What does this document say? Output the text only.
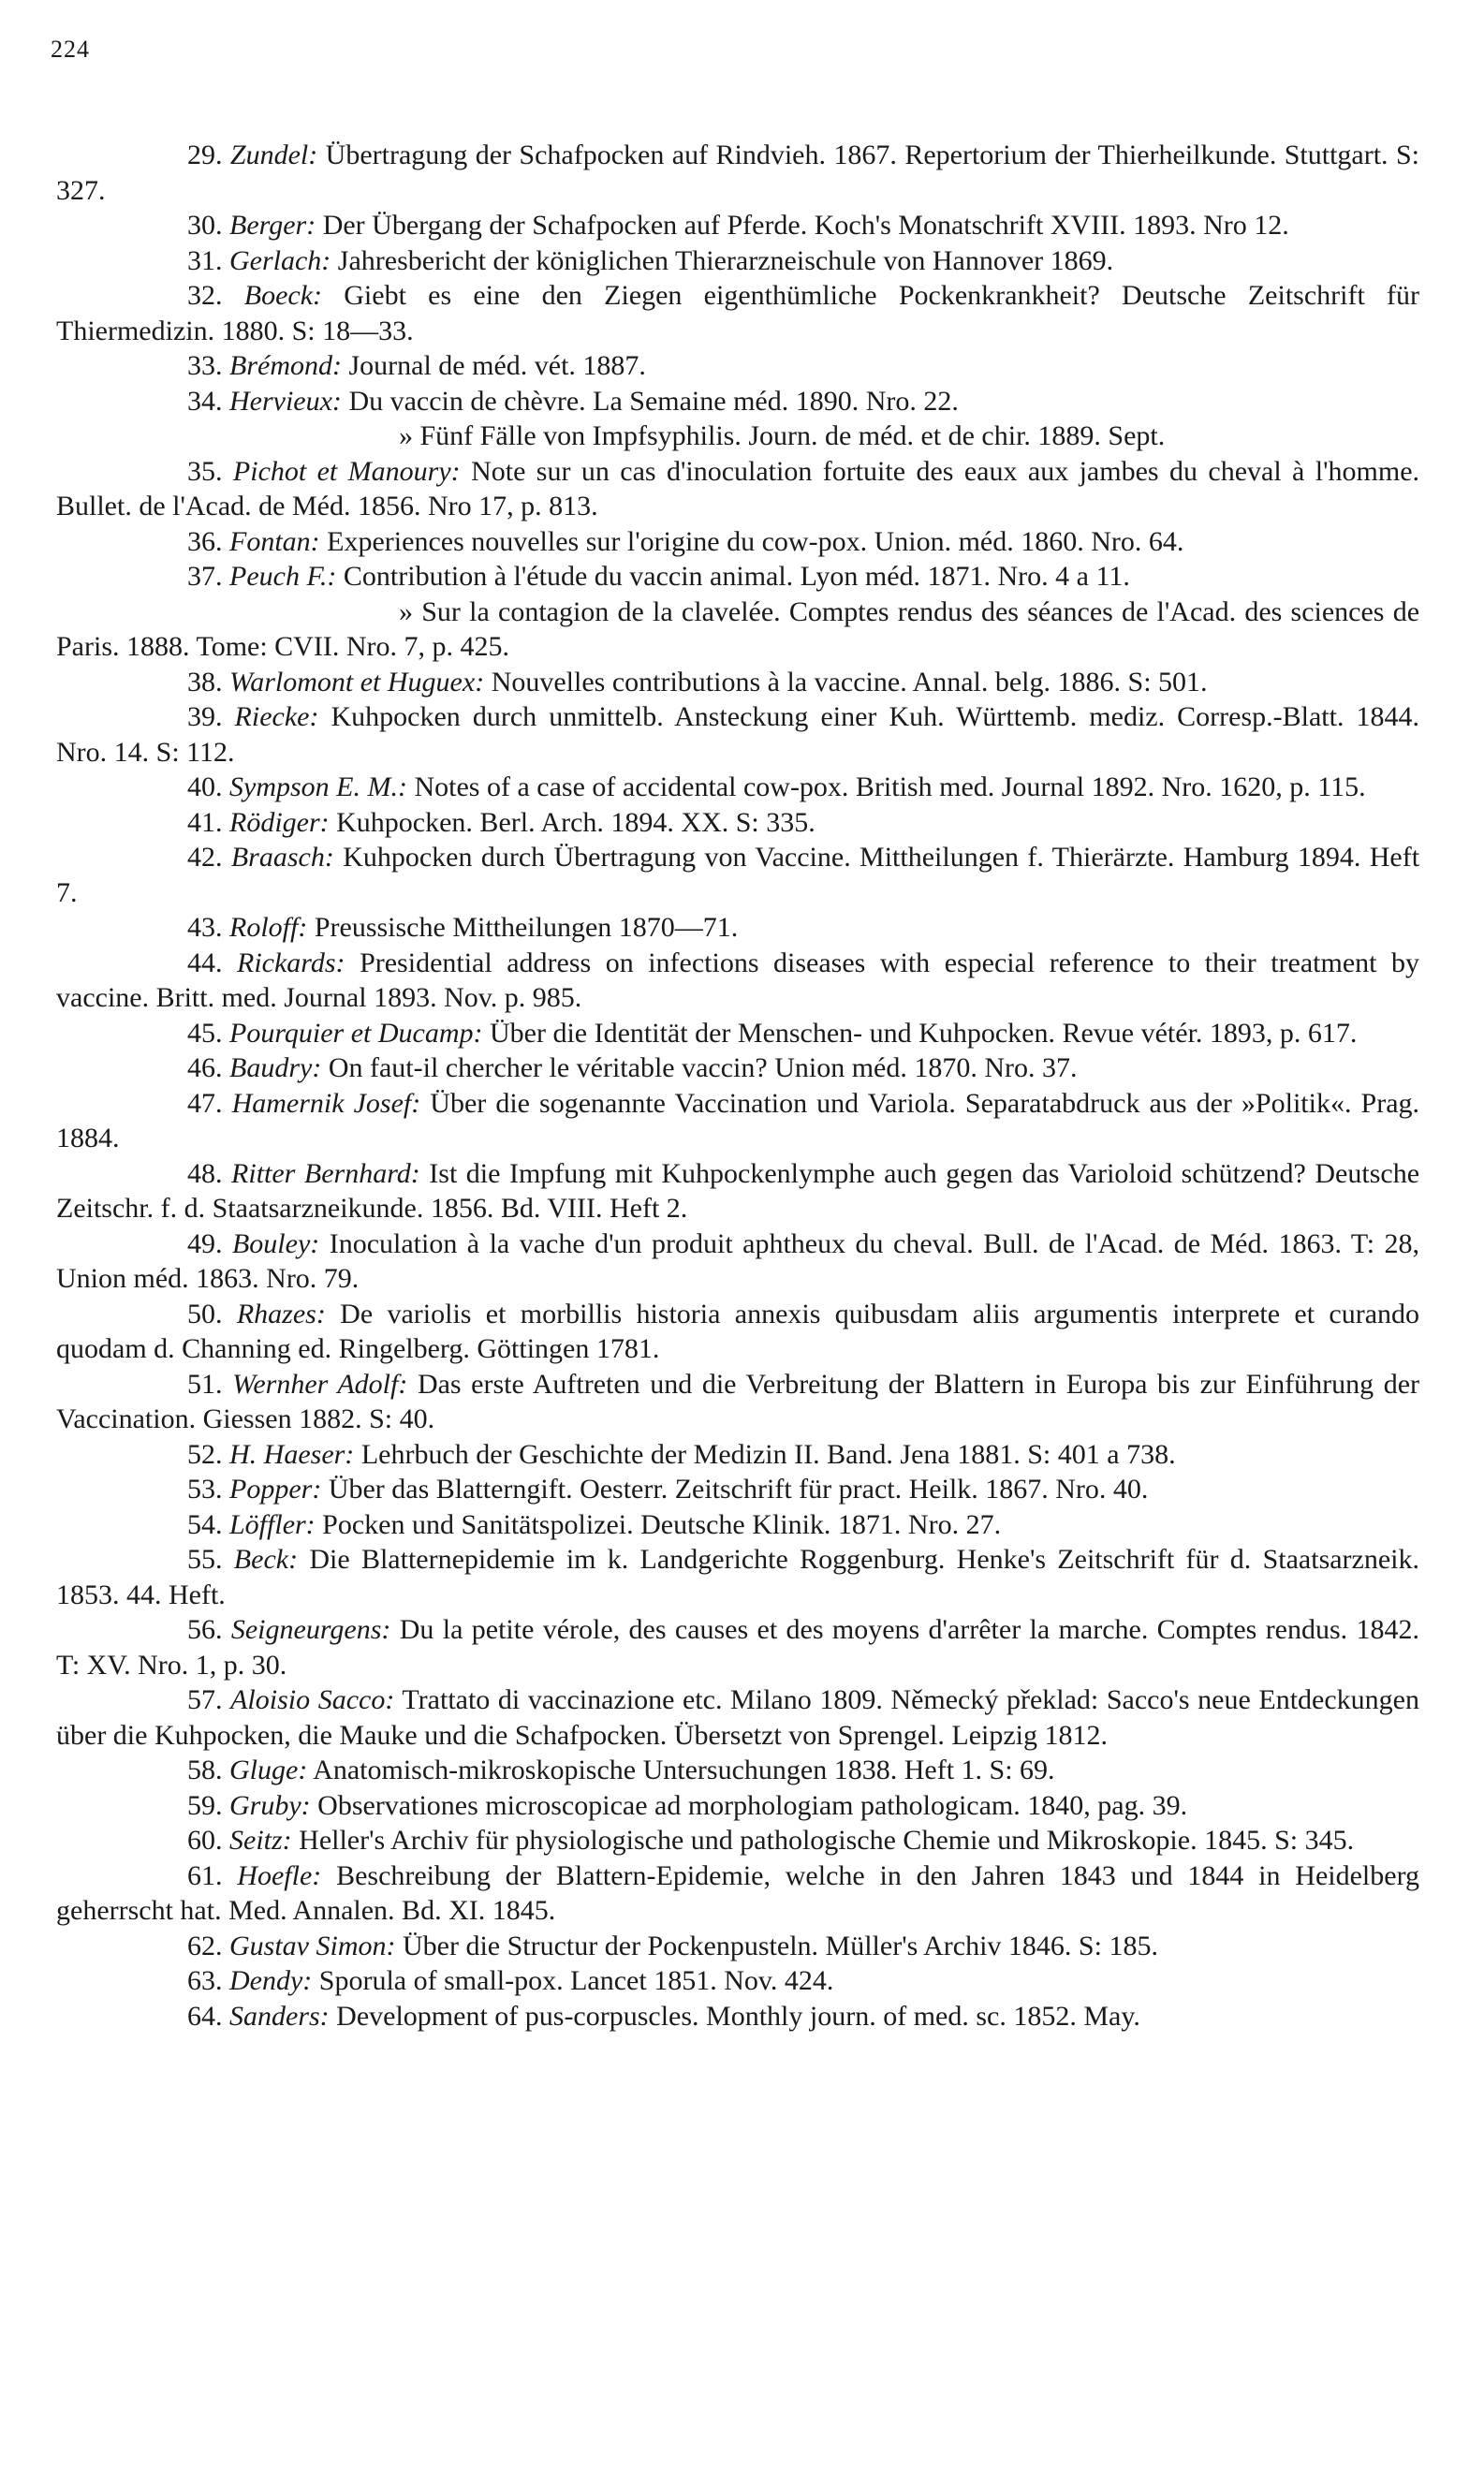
224

29. Zundel: Übertragung der Schafpocken auf Rindvieh. 1867. Repertorium der Thierheilkunde. Stuttgart. S: 327.

30. Berger: Der Übergang der Schafpocken auf Pferde. Koch's Monatschrift XVIII. 1893. Nro 12.

31. Gerlach: Jahresbericht der königlichen Thierarzneischule von Hannover 1869.

32. Boeck: Giebt es eine den Ziegen eigenthümliche Pockenkrankheit? Deutsche Zeitschrift für Thiermedizin. 1880. S: 18—33.

33. Brémond: Journal de méd. vét. 1887.

34. Hervieux: Du vaccin de chèvre. La Semaine méd. 1890. Nro. 22.

» Fünf Fälle von Impfsyphilis. Journ. de méd. et de chir. 1889. Sept.

35. Pichot et Manoury: Note sur un cas d'inoculation fortuite des eaux aux jambes du cheval à l'homme. Bullet. de l'Acad. de Méd. 1856. Nro 17, p. 813.

36. Fontan: Experiences nouvelles sur l'origine du cow-pox. Union. méd. 1860. Nro. 64.

37. Peuch F.: Contribution à l'étude du vaccin animal. Lyon méd. 1871. Nro. 4 a 11.

» Sur la contagion de la clavelée. Comptes rendus des séances de l'Acad. des sciences de Paris. 1888. Tome: CVII. Nro. 7, p. 425.

38. Warlomont et Huguex: Nouvelles contributions à la vaccine. Annal. belg. 1886. S: 501.

39. Riecke: Kuhpocken durch unmittelb. Ansteckung einer Kuh. Württemb. mediz. Corresp.-Blatt. 1844. Nro. 14. S: 112.

40. Sympson E. M.: Notes of a case of accidental cow-pox. British med. Journal 1892. Nro. 1620, p. 115.

41. Rödiger: Kuhpocken. Berl. Arch. 1894. XX. S: 335.

42. Braasch: Kuhpocken durch Übertragung von Vaccine. Mittheilungen f. Thierärzte. Hamburg 1894. Heft 7.

43. Roloff: Preussische Mittheilungen 1870—71.

44. Rickards: Presidential address on infections diseases with especial reference to their treatment by vaccine. Britt. med. Journal 1893. Nov. p. 985.

45. Pourquier et Ducamp: Über die Identität der Menschen- und Kuhpocken. Revue vétér. 1893, p. 617.

46. Baudry: On faut-il chercher le véritable vaccin? Union méd. 1870. Nro. 37.

47. Hamernik Josef: Über die sogenannte Vaccination und Variola. Separatabdruck aus der »Politik«. Prag. 1884.

48. Ritter Bernhard: Ist die Impfung mit Kuhpockenlymphe auch gegen das Varioloid schützend? Deutsche Zeitschr. f. d. Staatsarzneikunde. 1856. Bd. VIII. Heft 2.

49. Bouley: Inoculation à la vache d'un produit aphtheux du cheval. Bull. de l'Acad. de Méd. 1863. T: 28, Union méd. 1863. Nro. 79.

50. Rhazes: De variolis et morbillis historia annexis quibusdam aliis argumentis interprete et curando quodam d. Channing ed. Ringelberg. Göttingen 1781.

51. Wernher Adolf: Das erste Auftreten und die Verbreitung der Blattern in Europa bis zur Einführung der Vaccination. Giessen 1882. S: 40.

52. H. Haeser: Lehrbuch der Geschichte der Medizin II. Band. Jena 1881. S: 401 a 738.

53. Popper: Über das Blatterngift. Oesterr. Zeitschrift für pract. Heilk. 1867. Nro. 40.

54. Löffler: Pocken und Sanitätspolizei. Deutsche Klinik. 1871. Nro. 27.

55. Beck: Die Blatternepidemie im k. Landgerichte Roggenburg. Henke's Zeitschrift für d. Staatsarzneik. 1853. 44. Heft.

56. Seigneurgens: Du la petite vérole, des causes et des moyens d'arrêter la marche. Comptes rendus. 1842. T: XV. Nro. 1, p. 30.

57. Aloisio Sacco: Trattato di vaccinazione etc. Milano 1809. Německý překlad: Sacco's neue Entdeckungen über die Kuhpocken, die Mauke und die Schafpocken. Übersetzt von Sprengel. Leipzig 1812.

58. Gluge: Anatomisch-mikroskopische Untersuchungen 1838. Heft 1. S: 69.

59. Gruby: Observationes microscopicae ad morphologiam pathologicam. 1840, pag. 39.

60. Seitz: Heller's Archiv für physiologische und pathologische Chemie und Mikroskopie. 1845. S: 345.

61. Hoefle: Beschreibung der Blattern-Epidemie, welche in den Jahren 1843 und 1844 in Heidelberg geherrscht hat. Med. Annalen. Bd. XI. 1845.

62. Gustav Simon: Über die Structur der Pockenpusteln. Müller's Archiv 1846. S: 185.

63. Dendy: Sporula of small-pox. Lancet 1851. Nov. 424.

64. Sanders: Development of pus-corpuscles. Monthly journ. of med. sc. 1852. May.
